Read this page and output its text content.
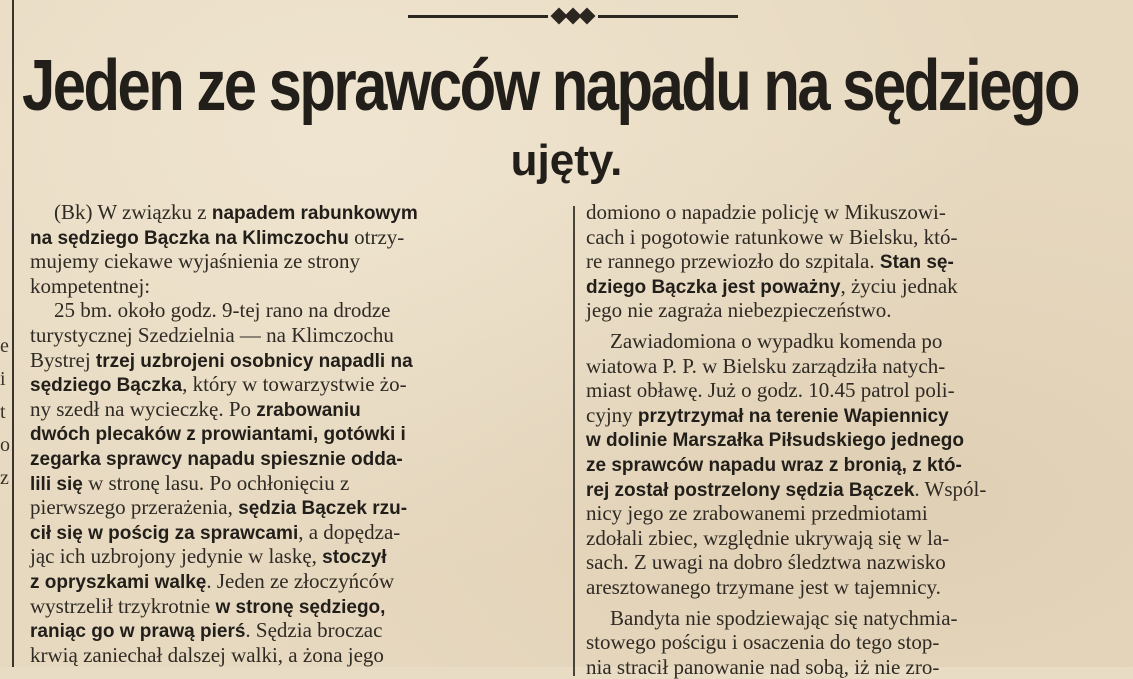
e
i
t
o
z
Jeden ze sprawców napadu na sędziego
ujęty.
(Bk) W związku z napadem rabunkowym
na sędziego Bączka na Klimczochu otrzy-
mujemy ciekawe wyjaśnienia ze strony
kompetentnej:
25 bm. około godz. 9-tej rano na drodze
turystycznej Szedzielnia — na Klimczochu
Bystrej trzej uzbrojeni osobnicy napadli na
sędziego Bączka, który w towarzystwie żo-
ny szedł na wycieczkę. Po zrabowaniu
dwóch plecaków z prowiantami, gotówki i
zegarka sprawcy napadu spiesznie odda-
lili się w stronę lasu. Po ochłonięciu z
pierwszego przerażenia, sędzia Bączek rzu-
cił się w pościg za sprawcami, a dopędza-
jąc ich uzbrojony jedynie w laskę, stoczył
z opryszkami walkę. Jeden ze złoczyńców
wystrzelił trzykrotnie w stronę sędziego,
raniąc go w prawą pierś. Sędzia broczac
krwią zaniechał dalszej walki, a żona jego
domiono o napadzie policję w Mikuszowi-
cach i pogotowie ratunkowe w Bielsku, któ-
re rannego przewiozło do szpitala. Stan sę-
dziego Bączka jest poważny, życiu jednak
jego nie zagraża niebezpieczeństwo.
Zawiadomiona o wypadku komenda po
wiatowa P. P. w Bielsku zarządziła natych-
miast obławę. Już o godz. 10.45 patrol poli-
cyjny przytrzymał na terenie Wapiennicy
w dolinie Marszałka Piłsudskiego jednego
ze sprawców napadu wraz z bronią, z któ-
rej został postrzelony sędzia Bączek. Wspól-
nicy jego ze zrabowanemi przedmiotami
zdołali zbiec, względnie ukrywają się w la-
sach. Z uwagi na dobro śledztwa nazwisko
aresztowanego trzymane jest w tajemnicy.
Bandyta nie spodziewając się natychmia-
stowego pościgu i osaczenia do tego stop-
nia stracił panowanie nad sobą, iż nie zro-
